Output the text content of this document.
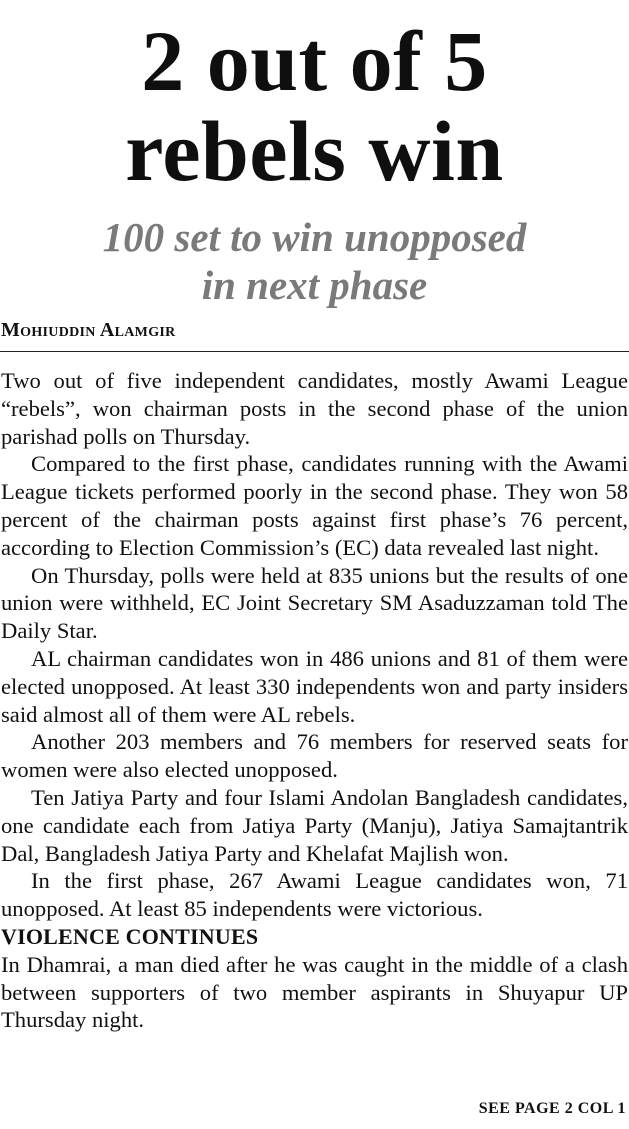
2 out of 5
rebels win
100 set to win unopposed
in next phase
Mohiuddin Alamgir

Two out of five independent candidates, mostly Awami League “rebels”, won chairman posts in the second phase of the union parishad polls on Thursday.

Compared to the first phase, candidates running with the Awami League tickets performed poorly in the second phase. They won 58 percent of the chairman posts against first phase’s 76 percent, according to Election Commission’s (EC) data revealed last night.

On Thursday, polls were held at 835 unions but the results of one union were withheld, EC Joint Secretary SM Asaduzzaman told The Daily Star.

AL chairman candidates won in 486 unions and 81 of them were elected unopposed. At least 330 independents won and party insiders said almost all of them were AL rebels.

Another 203 members and 76 members for reserved seats for women were also elected unopposed.

Ten Jatiya Party and four Islami Andolan Bangladesh candidates, one candidate each from Jatiya Party (Manju), Jatiya Samajtantrik Dal, Bangladesh Jatiya Party and Khelafat Majlish won.

In the first phase, 267 Awami League candidates won, 71 unopposed. At least 85 independents were victorious.

VIOLENCE CONTINUES

In Dhamrai, a man died after he was caught in the middle of a clash between supporters of two member aspirants in Shuyapur UP Thursday night.

SEE PAGE 2 COL 1
